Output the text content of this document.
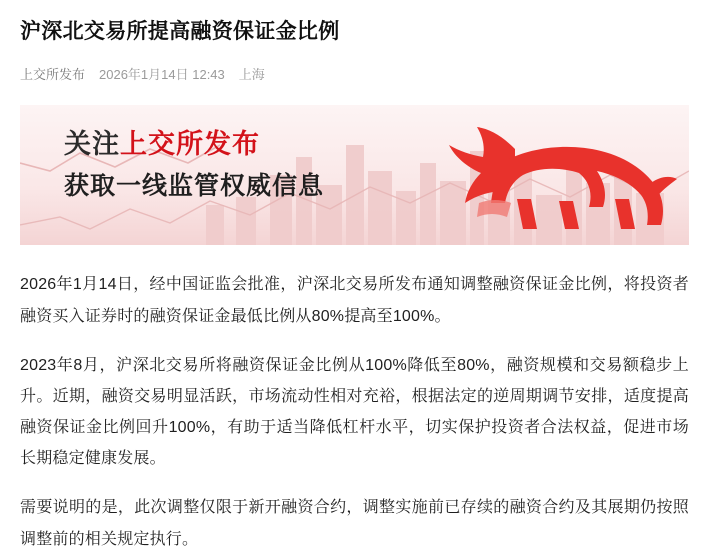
沪深北交易所提高融资保证金比例
上交所发布 2026年1月14日 12:43 上海
关注上交所发布
获取一线监管权威信息

2026年1月14日，经中国证监会批准，沪深北交易所发布通知调整融资保证金比例，将投资者融资买入证券时的融资保证金最低比例从80%提高至100%。

2023年8月，沪深北交易所将融资保证金比例从100%降低至80%，融资规模和交易额稳步上升。近期，融资交易明显活跃，市场流动性相对充裕，根据法定的逆周期调节安排，适度提高融资保证金比例回升100%，有助于适当降低杠杆水平，切实保护投资者合法权益，促进市场长期稳定健康发展。

需要说明的是，此次调整仅限于新开融资合约，调整实施前已存续的融资合约及其展期仍按照调整前的相关规定执行。
